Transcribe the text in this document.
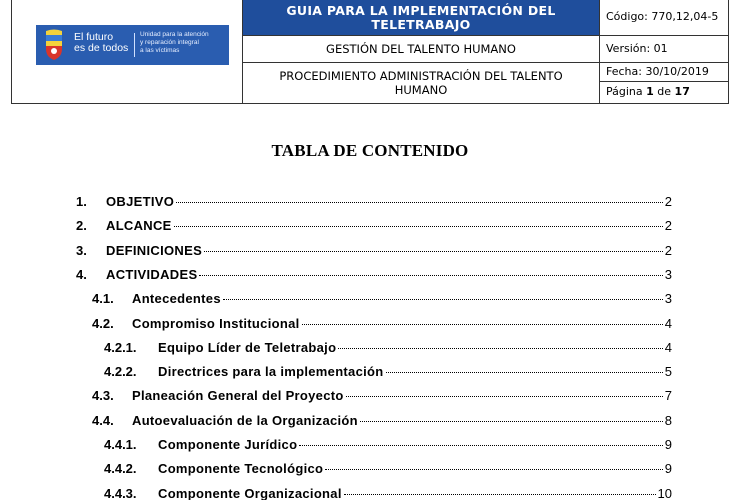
El futuro
es de todos
Unidad para la atención
y reparación integral
a las víctimas
GUIA PARA LA IMPLEMENTACIÓN DEL
TELETRABAJO
GESTIÓN DEL TALENTO HUMANO
PROCEDIMIENTO ADMINISTRACIÓN DEL TALENTO
HUMANO
Código: 770,12,04-5
Versión: 01
Fecha: 30/10/2019
Página 1 de 17
TABLA DE CONTENIDO
1.	OBJETIVO	2
2.	ALCANCE	2
3.	DEFINICIONES	2
4.	ACTIVIDADES	3
4.1.	Antecedentes	3
4.2.	Compromiso Institucional	4
4.2.1.	Equipo Líder de Teletrabajo	4
4.2.2.	Directrices para la implementación	5
4.3.	Planeación General del Proyecto	7
4.4.	Autoevaluación de la Organización	8
4.4.1.	Componente Jurídico	9
4.4.2.	Componente Tecnológico	9
4.4.3.	Componente Organizacional	10
